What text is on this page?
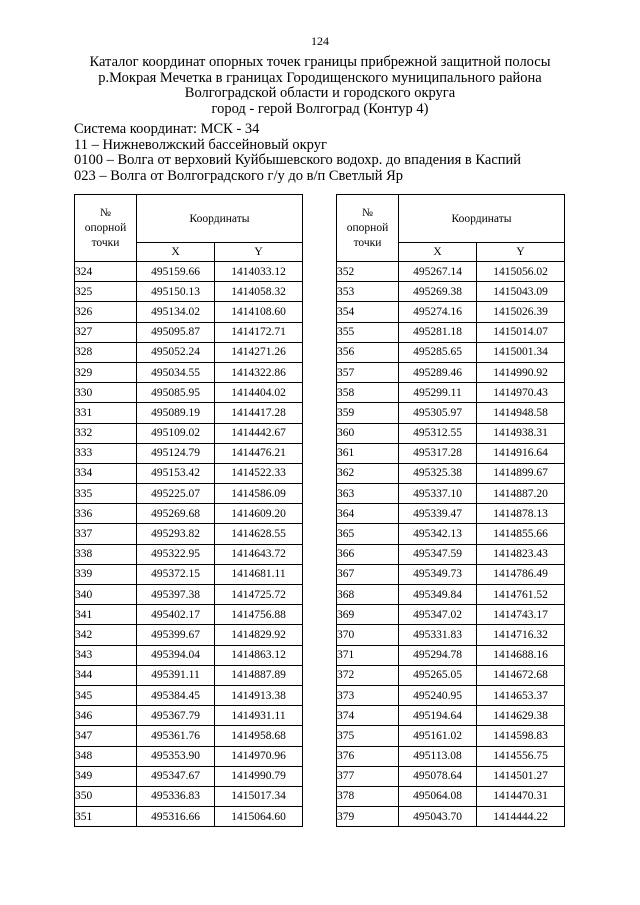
124
Каталог координат опорных точек границы прибрежной защитной полосы
р.Мокрая Мечетка в границах Городищенского муниципального района
Волгоградской области и городского округа
город - герой Волгоград (Контур 4)
Система координат: МСК - 34
11 – Нижневолжский бассейновый округ
0100 – Волга от верховий Куйбышевского водохр. до впадения в Каспий
023 – Волга от Волгоградского г/у до в/п Светлый Яр
№
опорной
точки	Координаты	
	X	Y
324	495159.66	1414033.12
325	495150.13	1414058.32
326	495134.02	1414108.60
327	495095.87	1414172.71
328	495052.24	1414271.26
329	495034.55	1414322.86
330	495085.95	1414404.02
331	495089.19	1414417.28
332	495109.02	1414442.67
333	495124.79	1414476.21
334	495153.42	1414522.33
335	495225.07	1414586.09
336	495269.68	1414609.20
337	495293.82	1414628.55
338	495322.95	1414643.72
339	495372.15	1414681.11
340	495397.38	1414725.72
341	495402.17	1414756.88
342	495399.67	1414829.92
343	495394.04	1414863.12
344	495391.11	1414887.89
345	495384.45	1414913.38
346	495367.79	1414931.11
347	495361.76	1414958.68
348	495353.90	1414970.96
349	495347.67	1414990.79
350	495336.83	1415017.34
351	495316.66	1415064.60
№
опорной
точки	Координаты	
	X	Y
352	495267.14	1415056.02
353	495269.38	1415043.09
354	495274.16	1415026.39
355	495281.18	1415014.07
356	495285.65	1415001.34
357	495289.46	1414990.92
358	495299.11	1414970.43
359	495305.97	1414948.58
360	495312.55	1414938.31
361	495317.28	1414916.64
362	495325.38	1414899.67
363	495337.10	1414887.20
364	495339.47	1414878.13
365	495342.13	1414855.66
366	495347.59	1414823.43
367	495349.73	1414786.49
368	495349.84	1414761.52
369	495347.02	1414743.17
370	495331.83	1414716.32
371	495294.78	1414688.16
372	495265.05	1414672.68
373	495240.95	1414653.37
374	495194.64	1414629.38
375	495161.02	1414598.83
376	495113.08	1414556.75
377	495078.64	1414501.27
378	495064.08	1414470.31
379	495043.70	1414444.22
